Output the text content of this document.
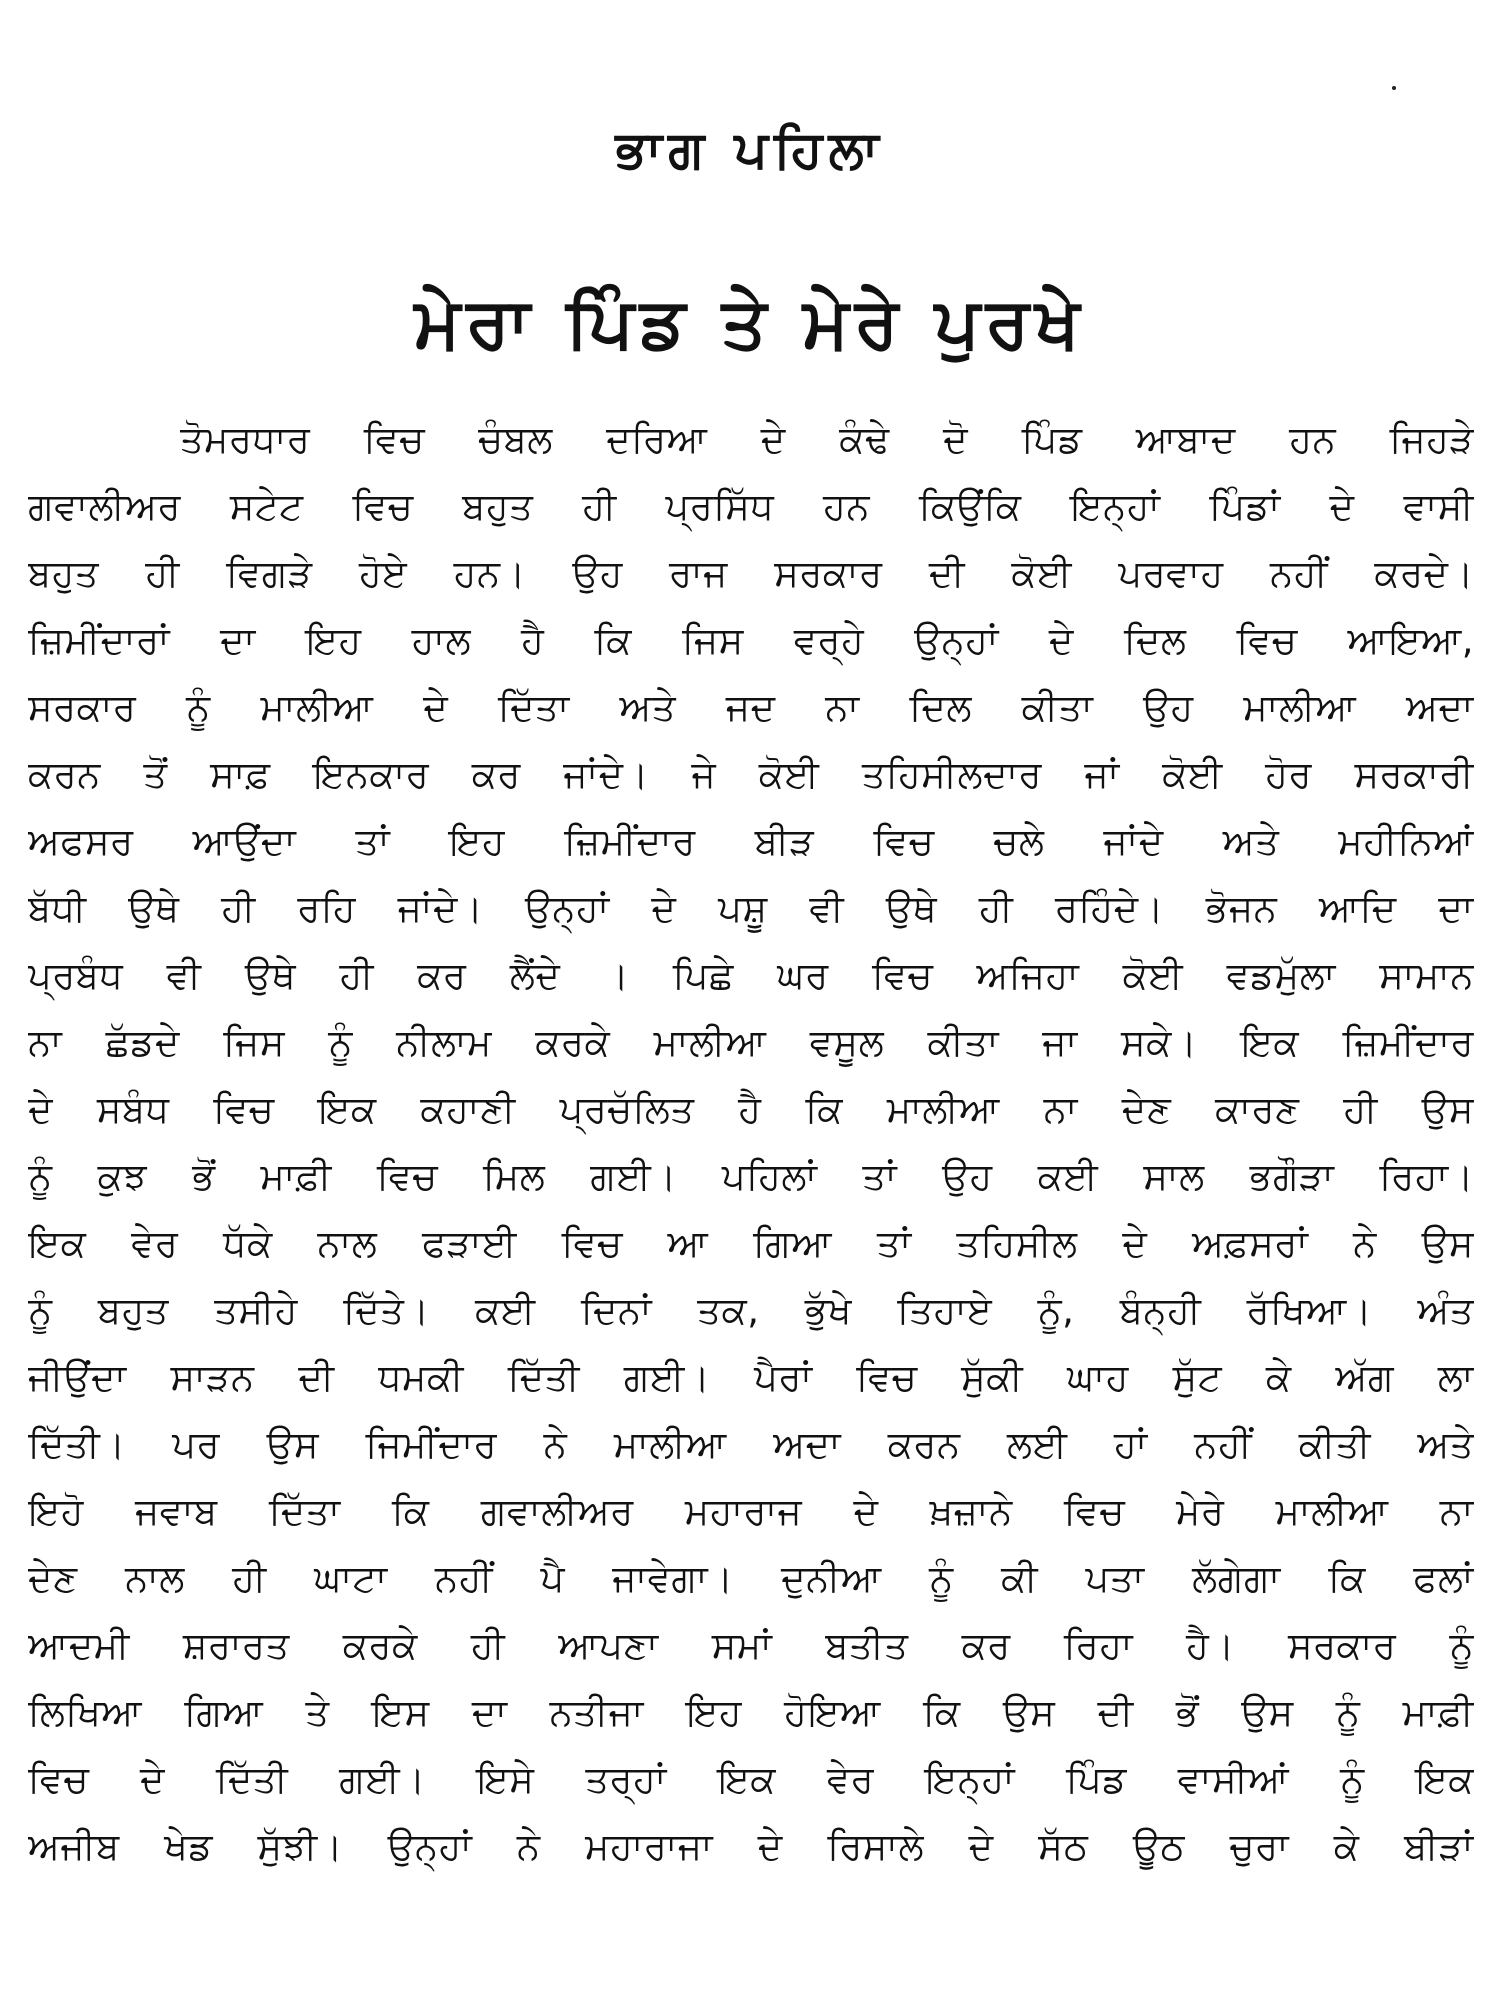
ਭਾਗ ਪਹਿਲਾ
ਮੇਰਾ ਪਿੰਡ ਤੇ ਮੇਰੇ ਪੁਰਖੇ
ਤੋਮਰਧਾਰ ਵਿਚ ਚੰਬਲ ਦਰਿਆ ਦੇ ਕੰਢੇ ਦੋ ਪਿੰਡ ਆਬਾਦ ਹਨ ਜਿਹੜੇ
ਗਵਾਲੀਅਰ ਸਟੇਟ ਵਿਚ ਬਹੁਤ ਹੀ ਪ੍ਰਸਿੱਧ ਹਨ ਕਿਉਂਕਿ ਇਨ੍ਹਾਂ ਪਿੰਡਾਂ ਦੇ ਵਾਸੀ
ਬਹੁਤ ਹੀ ਵਿਗੜੇ ਹੋਏ ਹਨ। ਉਹ ਰਾਜ ਸਰਕਾਰ ਦੀ ਕੋਈ ਪਰਵਾਹ ਨਹੀਂ ਕਰਦੇ।
ਜ਼ਿਮੀਂਦਾਰਾਂ ਦਾ ਇਹ ਹਾਲ ਹੈ ਕਿ ਜਿਸ ਵਰ੍ਹੇ ਉਨ੍ਹਾਂ ਦੇ ਦਿਲ ਵਿਚ ਆਇਆ,
ਸਰਕਾਰ ਨੂੰ ਮਾਲੀਆ ਦੇ ਦਿੱਤਾ ਅਤੇ ਜਦ ਨਾ ਦਿਲ ਕੀਤਾ ਉਹ ਮਾਲੀਆ ਅਦਾ
ਕਰਨ ਤੋਂ ਸਾਫ਼ ਇਨਕਾਰ ਕਰ ਜਾਂਦੇ। ਜੇ ਕੋਈ ਤਹਿਸੀਲਦਾਰ ਜਾਂ ਕੋਈ ਹੋਰ ਸਰਕਾਰੀ
ਅਫਸਰ ਆਉਂਦਾ ਤਾਂ ਇਹ ਜ਼ਿਮੀਂਦਾਰ ਬੀੜ ਵਿਚ ਚਲੇ ਜਾਂਦੇ ਅਤੇ ਮਹੀਨਿਆਂ
ਬੱਧੀ ਉਥੇ ਹੀ ਰਹਿ ਜਾਂਦੇ। ਉਨ੍ਹਾਂ ਦੇ ਪਸ਼ੂ ਵੀ ਉਥੇ ਹੀ ਰਹਿੰਦੇ। ਭੋਜਨ ਆਦਿ ਦਾ
ਪ੍ਰਬੰਧ ਵੀ ਉਥੇ ਹੀ ਕਰ ਲੈਂਦੇ । ਪਿਛੇ ਘਰ ਵਿਚ ਅਜਿਹਾ ਕੋਈ ਵਡਮੁੱਲਾ ਸਾਮਾਨ
ਨਾ ਛੱਡਦੇ ਜਿਸ ਨੂੰ ਨੀਲਾਮ ਕਰਕੇ ਮਾਲੀਆ ਵਸੂਲ ਕੀਤਾ ਜਾ ਸਕੇ। ਇਕ ਜ਼ਿਮੀਂਦਾਰ
ਦੇ ਸਬੰਧ ਵਿਚ ਇਕ ਕਹਾਣੀ ਪ੍ਰਚੱਲਿਤ ਹੈ ਕਿ ਮਾਲੀਆ ਨਾ ਦੇਣ ਕਾਰਣ ਹੀ ਉਸ
ਨੂੰ ਕੁਝ ਭੋਂ ਮਾਫ਼ੀ ਵਿਚ ਮਿਲ ਗਈ। ਪਹਿਲਾਂ ਤਾਂ ਉਹ ਕਈ ਸਾਲ ਭਗੌੜਾ ਰਿਹਾ।
ਇਕ ਵੇਰ ਧੱਕੇ ਨਾਲ ਫੜਾਈ ਵਿਚ ਆ ਗਿਆ ਤਾਂ ਤਹਿਸੀਲ ਦੇ ਅਫ਼ਸਰਾਂ ਨੇ ਉਸ
ਨੂੰ ਬਹੁਤ ਤਸੀਹੇ ਦਿੱਤੇ। ਕਈ ਦਿਨਾਂ ਤਕ, ਭੁੱਖੇ ਤਿਹਾਏ ਨੂੰ, ਬੰਨ੍ਹੀ ਰੱਖਿਆ। ਅੰਤ
ਜੀਉਂਦਾ ਸਾੜਨ ਦੀ ਧਮਕੀ ਦਿੱਤੀ ਗਈ। ਪੈਰਾਂ ਵਿਚ ਸੁੱਕੀ ਘਾਹ ਸੁੱਟ ਕੇ ਅੱਗ ਲਾ
ਦਿੱਤੀ। ਪਰ ਉਸ ਜਿਮੀਂਦਾਰ ਨੇ ਮਾਲੀਆ ਅਦਾ ਕਰਨ ਲਈ ਹਾਂ ਨਹੀਂ ਕੀਤੀ ਅਤੇ
ਇਹੋ ਜਵਾਬ ਦਿੱਤਾ ਕਿ ਗਵਾਲੀਅਰ ਮਹਾਰਾਜ ਦੇ ਖ਼ਜ਼ਾਨੇ ਵਿਚ ਮੇਰੇ ਮਾਲੀਆ ਨਾ
ਦੇਣ ਨਾਲ ਹੀ ਘਾਟਾ ਨਹੀਂ ਪੈ ਜਾਵੇਗਾ। ਦੁਨੀਆ ਨੂੰ ਕੀ ਪਤਾ ਲੱਗੇਗਾ ਕਿ ਫਲਾਂ
ਆਦਮੀ ਸ਼ਰਾਰਤ ਕਰਕੇ ਹੀ ਆਪਣਾ ਸਮਾਂ ਬਤੀਤ ਕਰ ਰਿਹਾ ਹੈ। ਸਰਕਾਰ ਨੂੰ
ਲਿਖਿਆ ਗਿਆ ਤੇ ਇਸ ਦਾ ਨਤੀਜਾ ਇਹ ਹੋਇਆ ਕਿ ਉਸ ਦੀ ਭੋਂ ਉਸ ਨੂੰ ਮਾਫ਼ੀ
ਵਿਚ ਦੇ ਦਿੱਤੀ ਗਈ। ਇਸੇ ਤਰ੍ਹਾਂ ਇਕ ਵੇਰ ਇਨ੍ਹਾਂ ਪਿੰਡ ਵਾਸੀਆਂ ਨੂੰ ਇਕ
ਅਜੀਬ ਖੇਡ ਸੁੱਝੀ। ਉਨ੍ਹਾਂ ਨੇ ਮਹਾਰਾਜਾ ਦੇ ਰਿਸਾਲੇ ਦੇ ਸੱਠ ਊਠ ਚੁਰਾ ਕੇ ਬੀੜਾਂ
